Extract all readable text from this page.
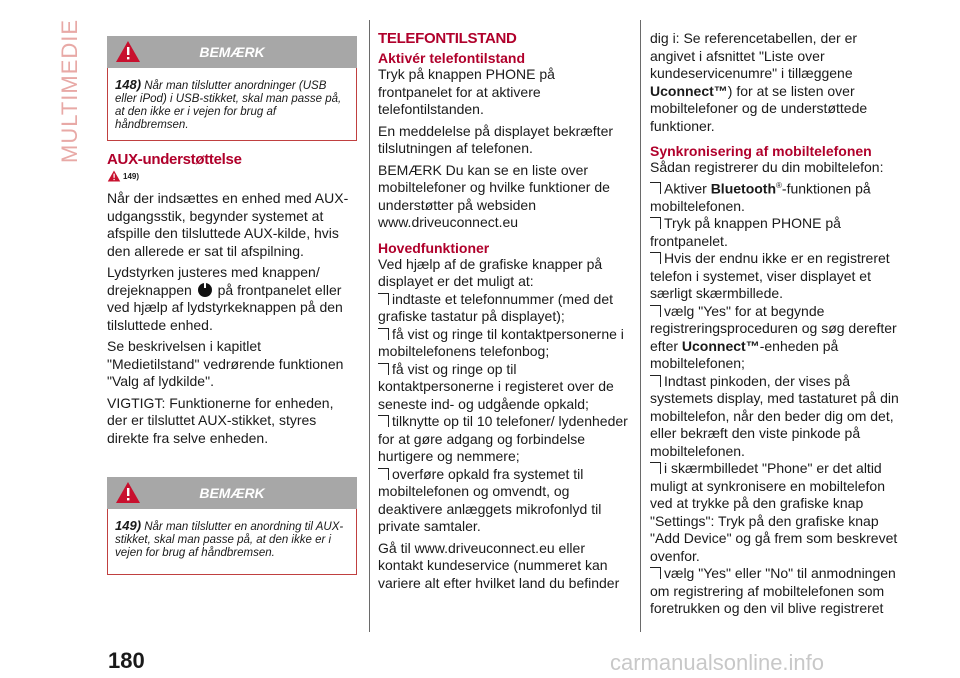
MULTIMEDIE	BEMÆRK
148) Når man tilslutter anordninger (USB eller iPod) i USB-stikket, skal man passe på, at den ikke er i vejen for brug af håndbremsen.
AUX-understøttelse
149)

Når der indsættes en enhed med AUX-udgangsstik, begynder systemet at afspille den tilsluttede AUX-kilde, hvis den allerede er sat til afspilning.

Lydstyrken justeres med knappen/ drejeknappen på frontpanelet eller ved hjælp af lydstyrkeknappen på den tilsluttede enhed.

Se beskrivelsen i kapitlet "Medietilstand" vedrørende funktionen "Valg af lydkilde".

VIGTIGT: Funktionerne for enheden, der er tilsluttet AUX-stikket, styres direkte fra selve enheden.

BEMÆRK
149) Når man tilslutter en anordning til AUX-stikket, skal man passe på, at den ikke er i vejen for brug af håndbremsen.
TELEFONTILSTAND
Aktivér telefontilstand

Tryk på knappen PHONE på frontpanelet for at aktivere telefontilstanden.

En meddelelse på displayet bekræfter tilslutningen af telefonen.

BEMÆRK Du kan se en liste over mobiltelefoner og hvilke funktioner de understøtter på websiden www.driveuconnect.eu

Hovedfunktioner

Ved hjælp af de grafiske knapper på displayet er det muligt at:

indtaste et telefonnummer (med det grafiske tastatur på displayet);

få vist og ringe til kontaktpersonerne i mobiltelefonens telefonbog;

få vist og ringe op til kontaktpersonerne i registeret over de seneste ind- og udgående opkald;

tilknytte op til 10 telefoner/ lydenheder for at gøre adgang og forbindelse hurtigere og nemmere;

overføre opkald fra systemet til mobiltelefonen og omvendt, og deaktivere anlæggets mikrofonlyd til private samtaler.

Gå til www.driveuconnect.eu eller kontakt kundeservice (nummeret kan variere alt efter hvilket land du befinder

dig i: Se referencetabellen, der er angivet i afsnittet "Liste over kundeservicenumre" i tillæggene Uconnect™) for at se listen over mobiltelefoner og de understøttede funktioner.

Synkronisering af mobiltelefonen

Sådan registrerer du din mobiltelefon:

Aktiver Bluetooth®-funktionen på mobiltelefonen.

Tryk på knappen PHONE på frontpanelet.

Hvis der endnu ikke er en registreret telefon i systemet, viser displayet et særligt skærmbillede.

vælg "Yes" for at begynde registreringsproceduren og søg derefter efter Uconnect™-enheden på mobiltelefonen;

Indtast pinkoden, der vises på systemets display, med tastaturet på din mobiltelefon, når den beder dig om det, eller bekræft den viste pinkode på mobiltelefonen.

i skærmbilledet "Phone" er det altid muligt at synkronisere en mobiltelefon ved at trykke på den grafiske knap "Settings": Tryk på den grafiske knap "Add Device" og gå frem som beskrevet ovenfor.

vælg "Yes" eller "No" til anmodningen om registrering af mobiltelefonen som foretrukken og den vil blive registreret

180	carmanualsonline.info
